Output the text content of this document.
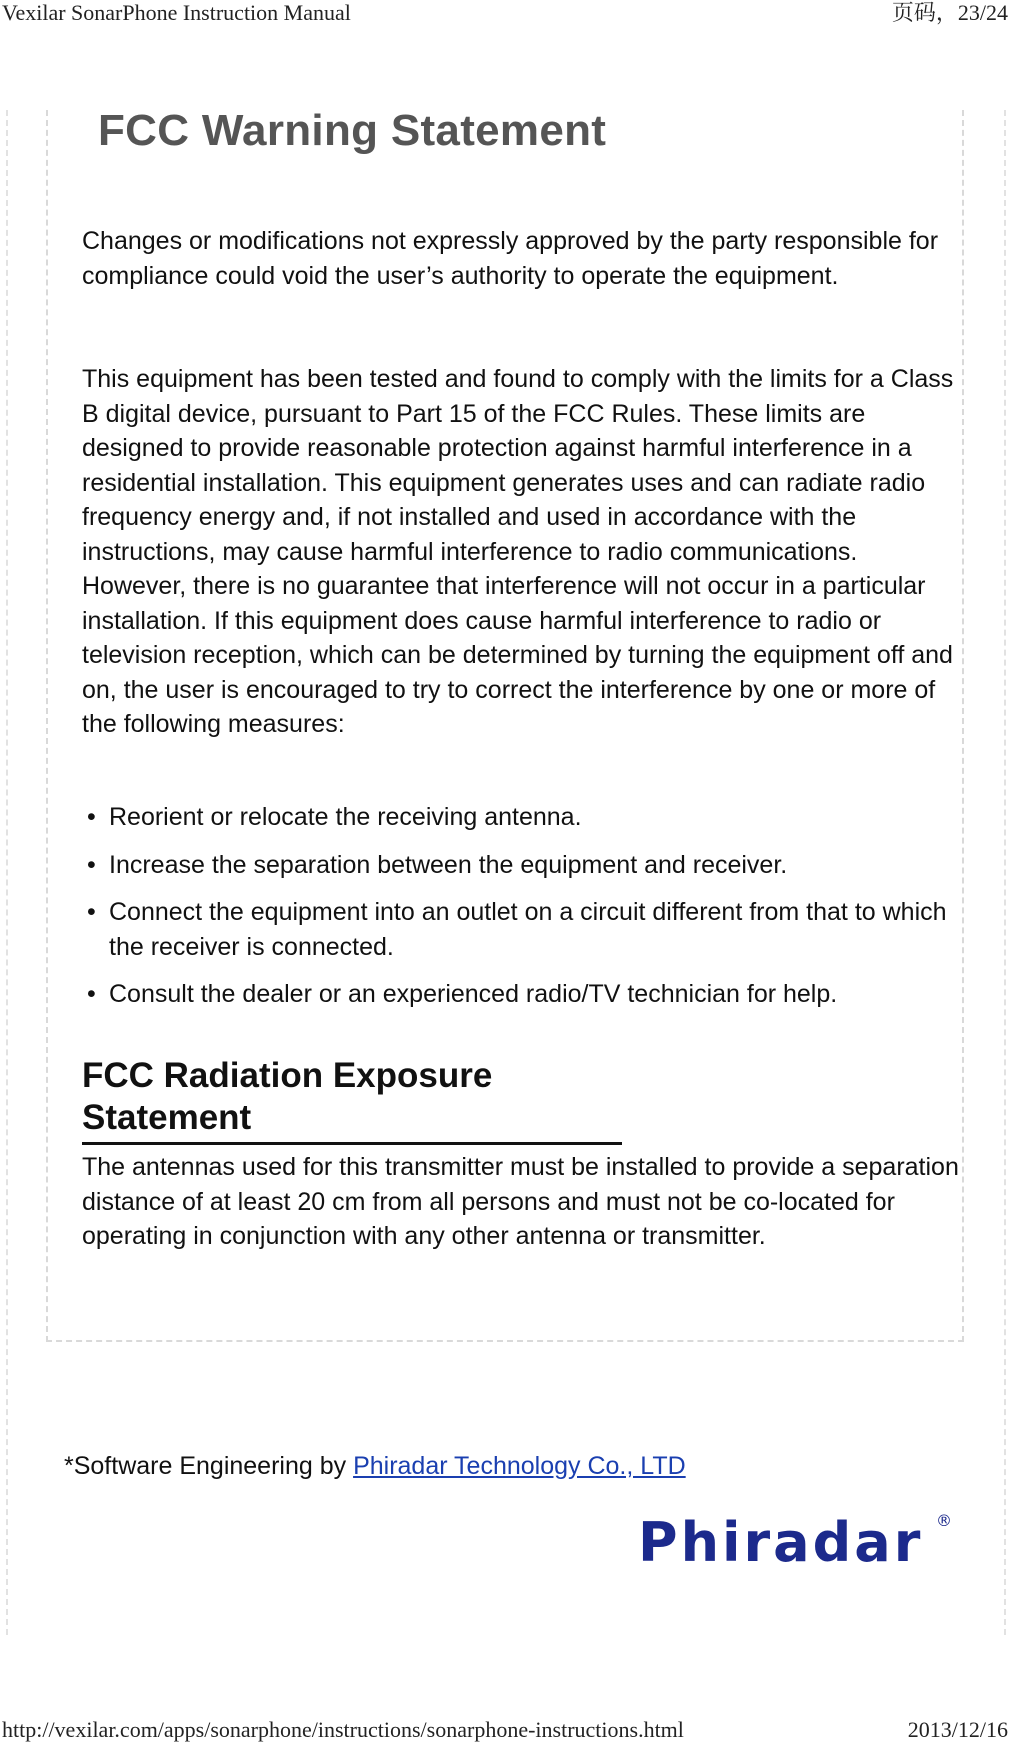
Vexilar SonarPhone Instruction Manual	页码，23/24
FCC Warning Statement

Changes or modifications not expressly approved by the party responsible for compliance could void the user’s authority to operate the equipment.

This equipment has been tested and found to comply with the limits for a Class B digital device, pursuant to Part 15 of the FCC Rules. These limits are designed to provide reasonable protection against harmful interference in a residential installation. This equipment generates uses and can radiate radio frequency energy and, if not installed and used in accordance with the instructions, may cause harmful interference to radio communications. However, there is no guarantee that interference will not occur in a particular installation. If this equipment does cause harmful interference to radio or television reception, which can be determined by turning the equipment off and on, the user is encouraged to try to correct the interference by one or more of the following measures:

• Reorient or relocate the receiving antenna.
• Increase the separation between the equipment and receiver.
• Connect the equipment into an outlet on a circuit different from that to which the receiver is connected.
• Consult the dealer or an experienced radio/TV technician for help.
FCC Radiation Exposure Statement

The antennas used for this transmitter must be installed to provide a separation distance of at least 20 cm from all persons and must not be co-located for operating in conjunction with any other antenna or transmitter.

*Software Engineering by Phiradar Technology Co., LTD
Phiradar ®
http://vexilar.com/apps/sonarphone/instructions/sonarphone-instructions.html	2013/12/16
